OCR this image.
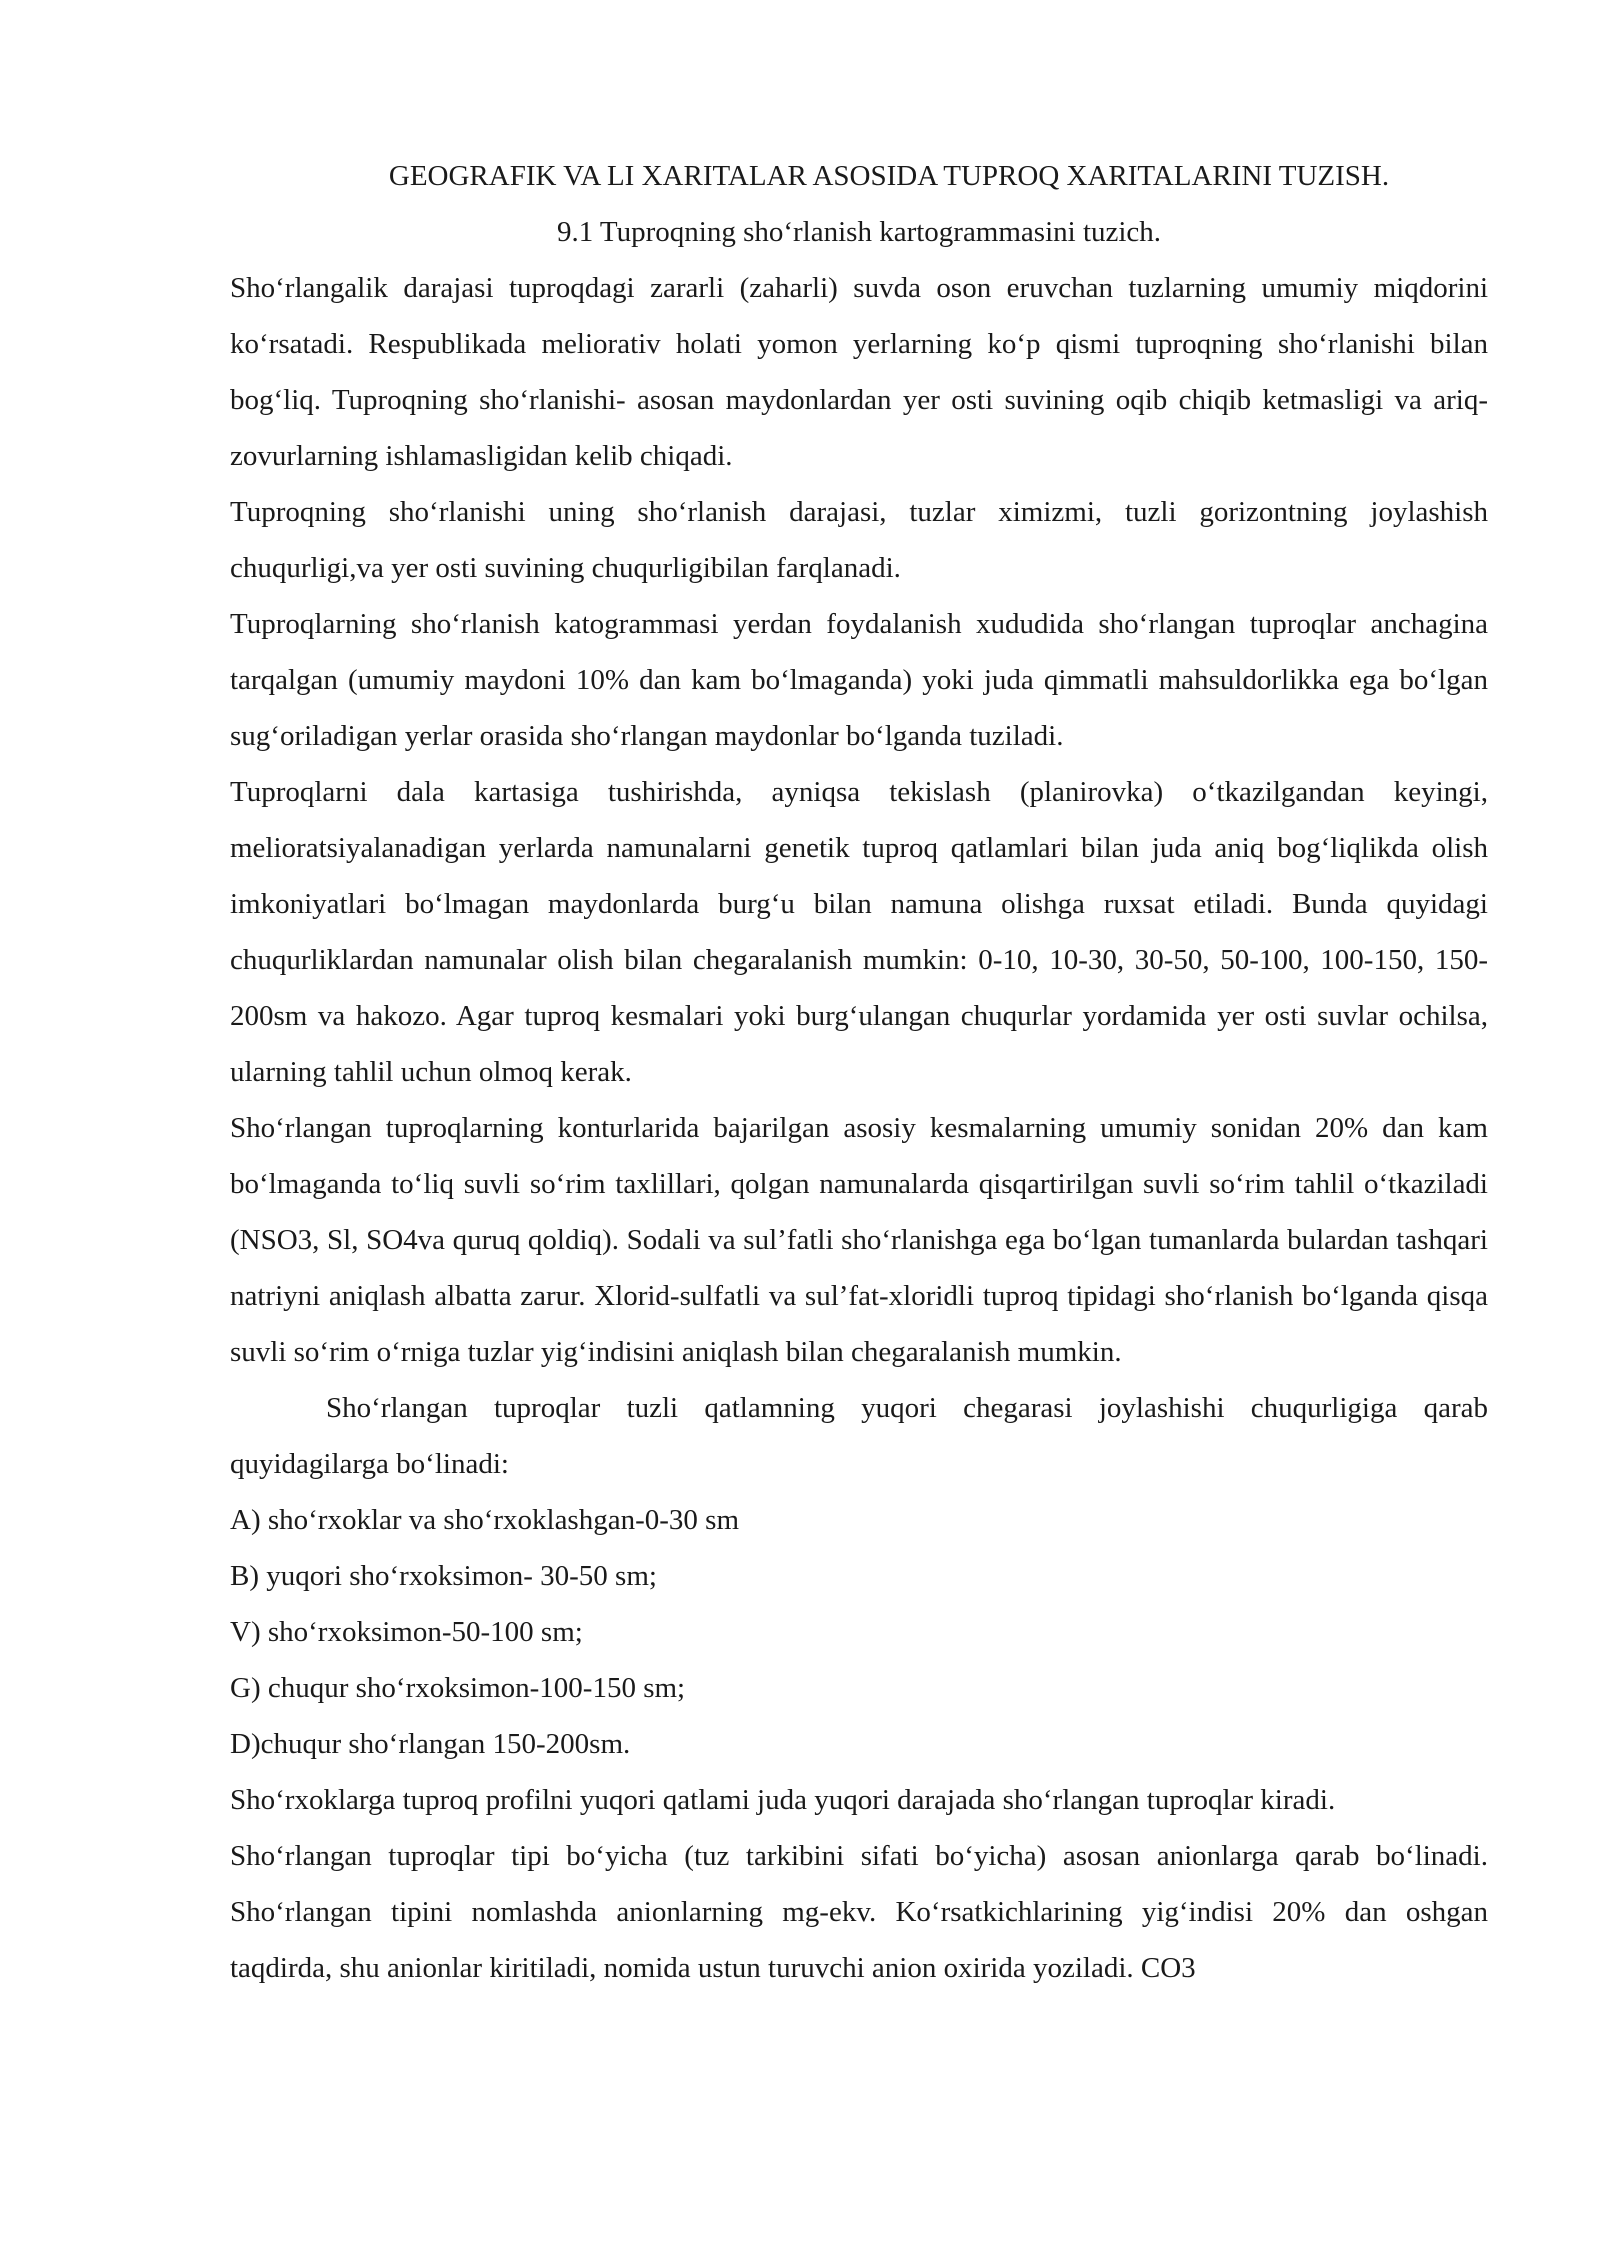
GEOGRAFIK VA LI XARITALAR ASOSIDA TUPROQ XARITALARINI TUZISH.

9.1 Tuproqning sho‘rlanish kartogrammasini tuzich.

Sho‘rlangalik darajasi tuproqdagi zararli (zaharli) suvda oson eruvchan tuzlarning umumiy miqdorini ko‘rsatadi. Respublikada meliorativ holati yomon yerlarning ko‘p qismi tuproqning sho‘rlanishi bilan bog‘liq. Tuproqning sho‘rlanishi- asosan maydonlardan yer osti suvining oqib chiqib ketmasligi va ariq-zovurlarning ishlamasligidan kelib chiqadi.

Tuproqning sho‘rlanishi uning sho‘rlanish darajasi, tuzlar ximizmi, tuzli gorizontning joylashish chuqurligi,va yer osti suvining chuqurligibilan farqlanadi.

Tuproqlarning sho‘rlanish katogrammasi yerdan foydalanish xududida sho‘rlangan tuproqlar anchagina tarqalgan (umumiy maydoni 10% dan kam bo‘lmaganda) yoki juda qimmatli mahsuldorlikka ega bo‘lgan sug‘oriladigan yerlar orasida sho‘rlangan maydonlar bo‘lganda tuziladi.

Tuproqlarni dala kartasiga tushirishda, ayniqsa tekislash (planirovka) o‘tkazilgandan keyingi, melioratsiyalanadigan yerlarda namunalarni genetik tuproq qatlamlari bilan juda aniq bog‘liqlikda olish imkoniyatlari bo‘lmagan maydonlarda burg‘u bilan namuna olishga ruxsat etiladi. Bunda quyidagi chuqurliklardan namunalar olish bilan chegaralanish mumkin: 0-10, 10-30, 30-50, 50-100, 100-150, 150-200sm va hakozo. Agar tuproq kesmalari yoki burg‘ulangan chuqurlar yordamida yer osti suvlar ochilsa, ularning tahlil uchun olmoq kerak.

Sho‘rlangan tuproqlarning konturlarida bajarilgan asosiy kesmalarning umumiy sonidan 20% dan kam bo‘lmaganda to‘liq suvli so‘rim taxlillari, qolgan namunalarda qisqartirilgan suvli so‘rim tahlil o‘tkaziladi (NSO3, Sl, SO4va quruq qoldiq). Sodali va sul’fatli sho‘rlanishga ega bo‘lgan tumanlarda bulardan tashqari natriyni aniqlash albatta zarur. Xlorid-sulfatli va sul’fat-xloridli tuproq tipidagi sho‘rlanish bo‘lganda qisqa suvli so‘rim o‘rniga tuzlar yig‘indisini aniqlash bilan chegaralanish mumkin.

Sho‘rlangan tuproqlar tuzli qatlamning yuqori chegarasi joylashishi chuqurligiga qarab quyidagilarga bo‘linadi:

A) sho‘rxoklar va sho‘rxoklashgan-0-30 sm

B) yuqori sho‘rxoksimon- 30-50 sm;

V) sho‘rxoksimon-50-100 sm;

G) chuqur sho‘rxoksimon-100-150 sm;

D)chuqur sho‘rlangan 150-200sm.

Sho‘rxoklarga tuproq profilni yuqori qatlami juda yuqori darajada sho‘rlangan tuproqlar kiradi.

Sho‘rlangan tuproqlar tipi bo‘yicha (tuz tarkibini sifati bo‘yicha) asosan anionlarga qarab bo‘linadi. Sho‘rlangan tipini nomlashda anionlarning mg-ekv. Ko‘rsatkichlarining yig‘indisi 20% dan oshgan taqdirda, shu anionlar kiritiladi, nomida ustun turuvchi anion oxirida yoziladi. CO3
